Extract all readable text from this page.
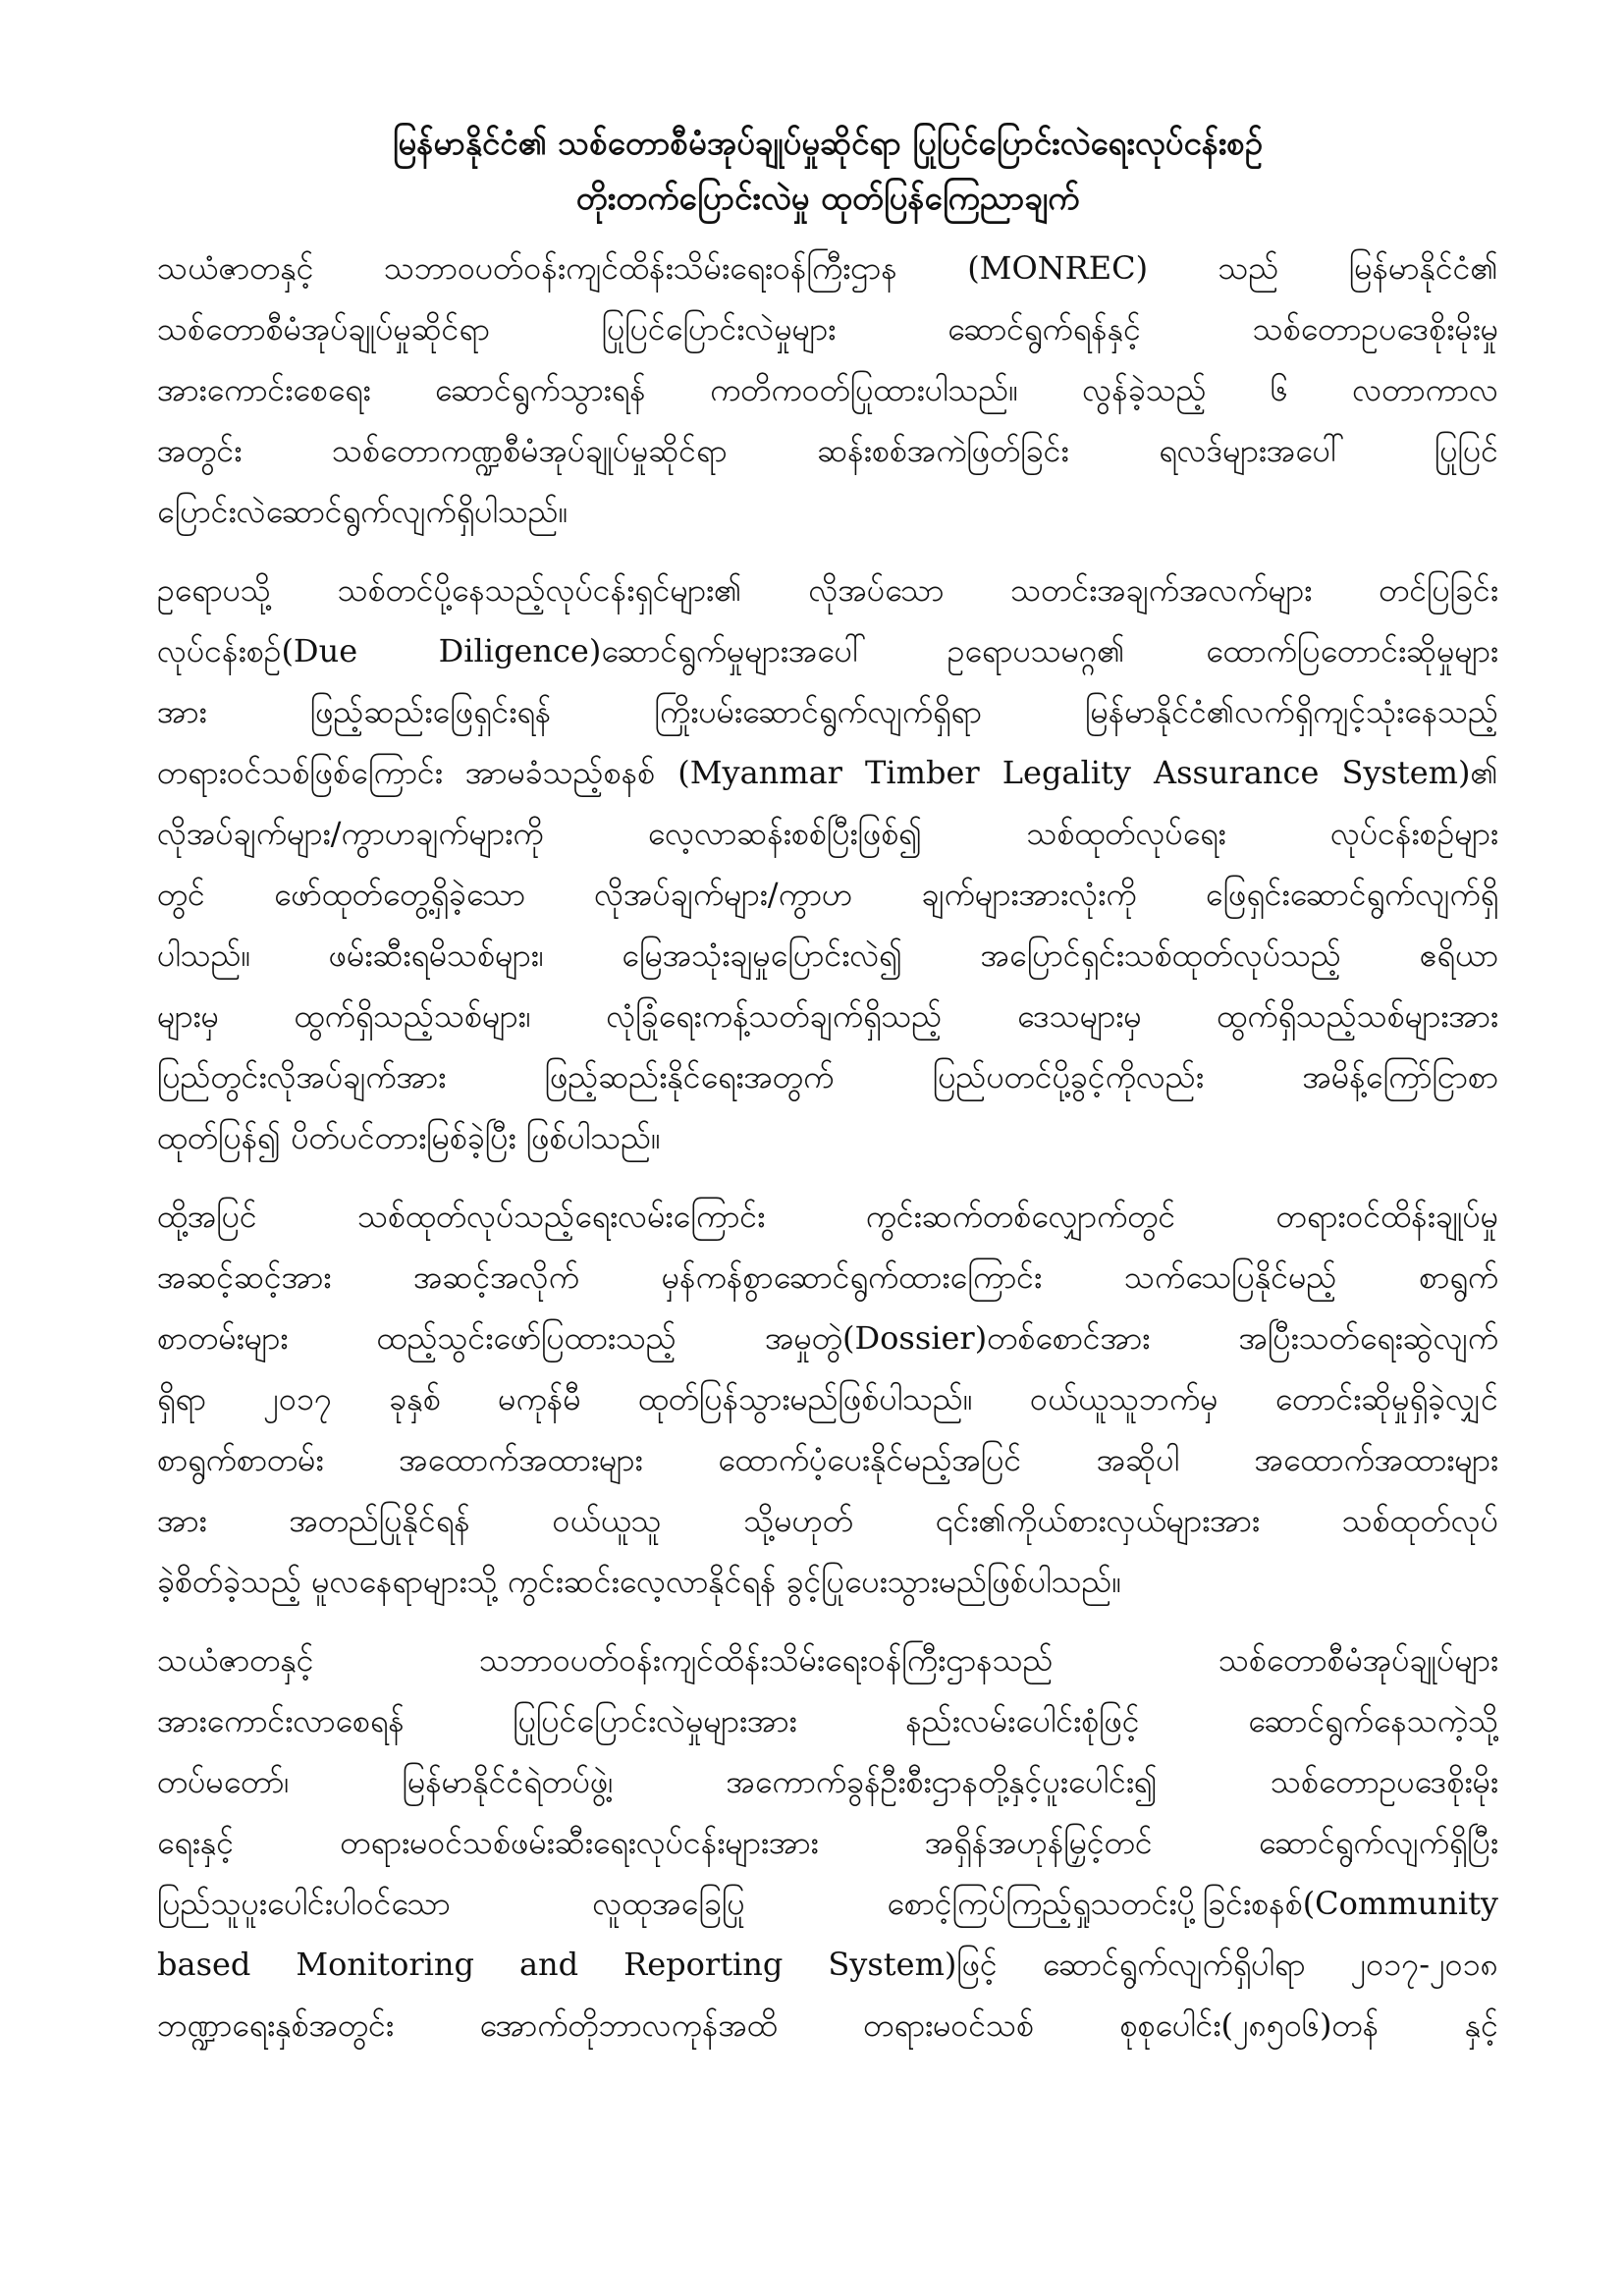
မြန်မာနိုင်ငံ၏ သစ်တောစီမံအုပ်ချုပ်မှုဆိုင်ရာ ပြုပြင်ပြောင်းလဲရေးလုပ်ငန်းစဉ်
တိုးတက်ပြောင်းလဲမှု ထုတ်ပြန်ကြေညာချက်
သယံဇာတနှင့် သဘာဝပတ်ဝန်းကျင်ထိန်းသိမ်းရေးဝန်ကြီးဌာန (MONREC) သည် မြန်မာနိုင်ငံ၏
သစ်တောစီမံအုပ်ချုပ်မှုဆိုင်ရာ ပြုပြင်ပြောင်းလဲမှုများ ဆောင်ရွက်ရန်နှင့် သစ်တောဥပဒေစိုးမိုးမှု
အားကောင်းစေရေး ဆောင်ရွက်သွားရန် ကတိကဝတ်ပြုထားပါသည်။ လွန်ခဲ့သည့် ၆ လတာကာလ
အတွင်း သစ်တောကဏ္ဍစီမံအုပ်ချုပ်မှုဆိုင်ရာ ဆန်းစစ်အကဲဖြတ်ခြင်း ရလဒ်များအပေါ် ပြုပြင်
ပြောင်းလဲဆောင်ရွက်လျက်ရှိပါသည်။
ဥရောပသို့ သစ်တင်ပို့နေသည့်လုပ်ငန်းရှင်များ၏ လိုအပ်သော သတင်းအချက်အလက်များ တင်ပြခြင်း
လုပ်ငန်းစဉ်(Due Diligence)ဆောင်ရွက်မှုများအပေါ် ဥရောပသမဂ္ဂ၏ ထောက်ပြတောင်းဆိုမှုများ
အား ဖြည့်ဆည်းဖြေရှင်းရန် ကြိုးပမ်းဆောင်ရွက်လျက်ရှိရာ မြန်မာနိုင်ငံ၏လက်ရှိကျင့်သုံးနေသည့်
တရားဝင်သစ်ဖြစ်ကြောင်း အာမခံသည့်စနစ် (Myanmar Timber Legality Assurance System)၏
လိုအပ်ချက်များ/ကွာဟချက်များကို လေ့လာဆန်းစစ်ပြီးဖြစ်၍ သစ်ထုတ်လုပ်ရေး လုပ်ငန်းစဉ်များ
တွင် ဖော်ထုတ်တွေ့ရှိခဲ့သော လိုအပ်ချက်များ/ကွာဟ ချက်များအားလုံးကို ဖြေရှင်းဆောင်ရွက်လျက်ရှိ
ပါသည်။ ဖမ်းဆီးရမိသစ်များ၊ မြေအသုံးချမှုပြောင်းလဲ၍ အပြောင်ရှင်းသစ်ထုတ်လုပ်သည့် ဧရိယာ
များမှ ထွက်ရှိသည့်သစ်များ၊ လုံခြုံရေးကန့်သတ်ချက်ရှိသည့် ဒေသများမှ ထွက်ရှိသည့်သစ်များအား
ပြည်တွင်းလိုအပ်ချက်အား ဖြည့်ဆည်းနိုင်ရေးအတွက် ပြည်ပတင်ပို့ခွင့်ကိုလည်း အမိန့်ကြော်ငြာစာ
ထုတ်ပြန်၍ ပိတ်ပင်တားမြစ်ခဲ့ပြီး ဖြစ်ပါသည်။
ထို့အပြင် သစ်ထုတ်လုပ်သည့်ရေးလမ်းကြောင်း ကွင်းဆက်တစ်လျှောက်တွင် တရားဝင်ထိန်းချုပ်မှု
အဆင့်ဆင့်အား အဆင့်အလိုက် မှန်ကန်စွာဆောင်ရွက်ထားကြောင်း သက်သေပြနိုင်မည့် စာရွက်
စာတမ်းများ ထည့်သွင်းဖော်ပြထားသည့် အမှုတွဲ(Dossier)တစ်စောင်အား အပြီးသတ်ရေးဆွဲလျက်
ရှိရာ ၂၀၁၇ ခုနှစ် မကုန်မီ ထုတ်ပြန်သွားမည်ဖြစ်ပါသည်။ ဝယ်ယူသူဘက်မှ တောင်းဆိုမှုရှိခဲ့လျှင်
စာရွက်စာတမ်း အထောက်အထားများ ထောက်ပံ့ပေးနိုင်မည့်အပြင် အဆိုပါ အထောက်အထားများ
အား အတည်ပြုနိုင်ရန် ဝယ်ယူသူ သို့မဟုတ် ၎င်း၏ကိုယ်စားလှယ်များအား သစ်ထုတ်လုပ်
ခဲ့စိတ်ခဲ့သည့် မူလနေရာများသို့ ကွင်းဆင်းလေ့လာနိုင်ရန် ခွင့်ပြုပေးသွားမည်ဖြစ်ပါသည်။
သယံဇာတနှင့် သဘာဝပတ်ဝန်းကျင်ထိန်းသိမ်းရေးဝန်ကြီးဌာနသည် သစ်တောစီမံအုပ်ချုပ်များ
အားကောင်းလာစေရန် ပြုပြင်ပြောင်းလဲမှုများအား နည်းလမ်းပေါင်းစုံဖြင့် ဆောင်ရွက်နေသကဲ့သို့
တပ်မတော်၊ မြန်မာနိုင်ငံရဲတပ်ဖွဲ့၊ အကောက်ခွန်ဦးစီးဌာနတို့နှင့်ပူးပေါင်း၍ သစ်တောဥပဒေစိုးမိုး
ရေးနှင့် တရားမဝင်သစ်ဖမ်းဆီးရေးလုပ်ငန်းများအား အရှိန်အဟုန်မြှင့်တင် ဆောင်ရွက်လျက်ရှိပြီး
ပြည်သူပူးပေါင်းပါဝင်သော လူထုအခြေပြု စောင့်ကြပ်ကြည့်ရှုသတင်းပို့ခြင်းစနစ်(Community
based Monitoring and Reporting System)ဖြင့် ဆောင်ရွက်လျက်ရှိပါရာ ၂၀၁၇-၂၀၁၈
ဘဏ္ဍာရေးနှစ်အတွင်း အောက်တိုဘာလကုန်အထိ တရားမဝင်သစ် စုစုပေါင်း(၂၈၅၀၆)တန် နှင့်
